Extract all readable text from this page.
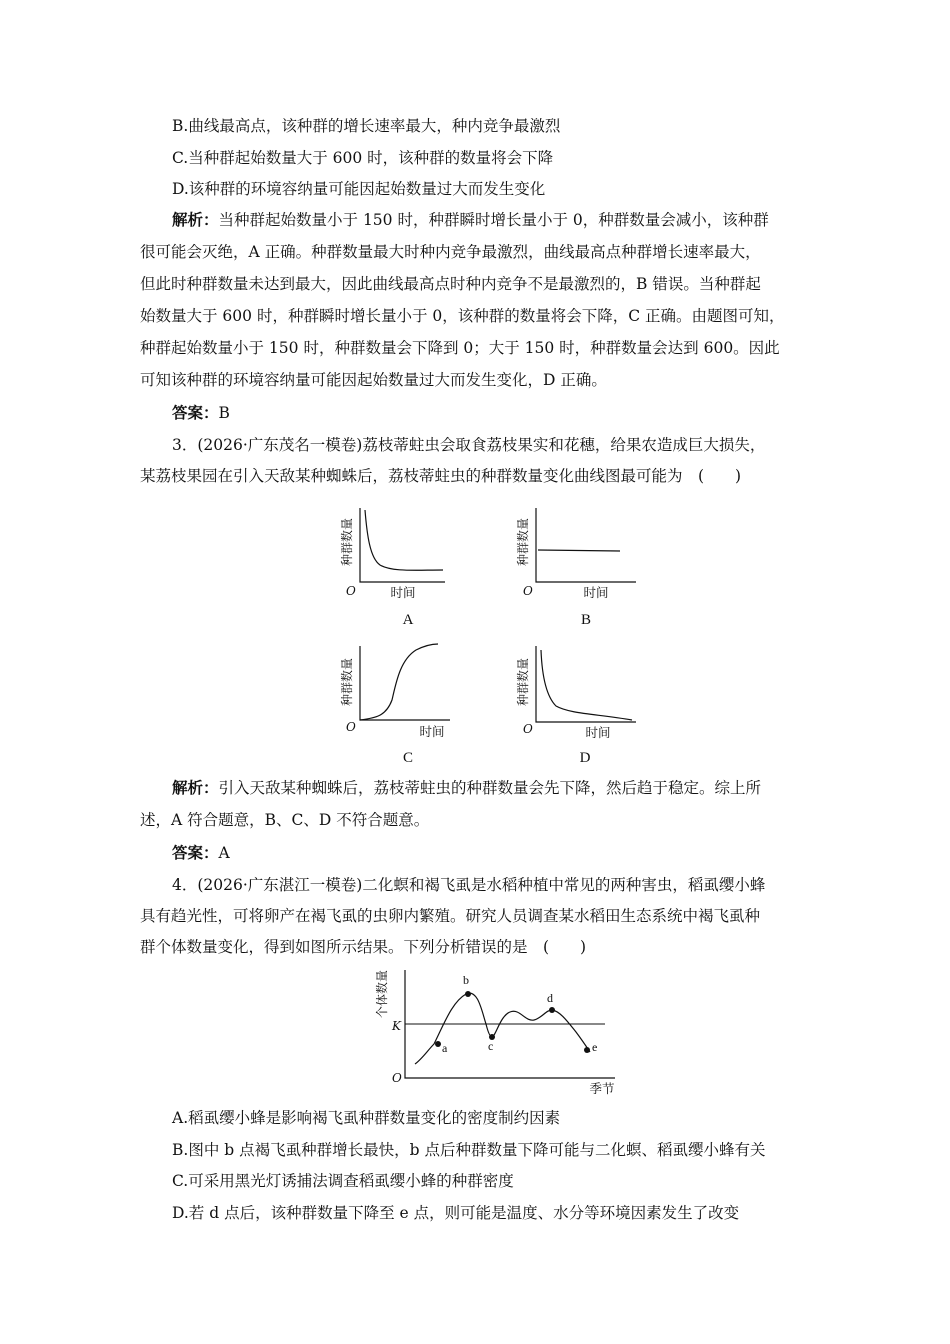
B.曲线最高点，该种群的增长速率最大，种内竞争最激烈
C.当种群起始数量大于 600 时，该种群的数量将会下降
D.该种群的环境容纳量可能因起始数量过大而发生变化
解析：当种群起始数量小于 150 时，种群瞬时增长量小于 0，种群数量会减小，该种群
很可能会灭绝，A 正确。种群数量最大时种内竞争最激烈，曲线最高点种群增长速率最大，
但此时种群数量未达到最大，因此曲线最高点时种内竞争不是最激烈的，B 错误。当种群起
始数量大于 600 时，种群瞬时增长量小于 0，该种群的数量将会下降，C 正确。由题图可知，
种群起始数量小于 150 时，种群数量会下降到 0；大于 150 时，种群数量会达到 600。因此
可知该种群的环境容纳量可能因起始数量过大而发生变化，D 正确。
答案：B
3．(2026·广东茂名一模卷)荔枝蒂蛀虫会取食荔枝果实和花穗，给果农造成巨大损失，
某荔枝果园在引入天敌某种蜘蛛后，荔枝蒂蛀虫的种群数量变化曲线图最可能为　(　　)
种群数量
O	时间
A
种群数量
O	时间
B
种群数量
O	时间
C
种群数量
O	时间
D
解析：引入天敌某种蜘蛛后，荔枝蒂蛀虫的种群数量会先下降，然后趋于稳定。综上所
述，A 符合题意，B、C、D 不符合题意。
答案：A
4．(2026·广东湛江一模卷)二化螟和褐飞虱是水稻种植中常见的两种害虫，稻虱缨小蜂
具有趋光性，可将卵产在褐飞虱的虫卵内繁殖。研究人员调查某水稻田生态系统中褐飞虱种
群个体数量变化，得到如图所示结果。下列分析错误的是　(　　)
个体数量
O
K
a
b
c
d
e
季节
A.稻虱缨小蜂是影响褐飞虱种群数量变化的密度制约因素
B.图中 b 点褐飞虱种群增长最快，b 点后种群数量下降可能与二化螟、稻虱缨小蜂有关
C.可采用黑光灯诱捕法调查稻虱缨小蜂的种群密度
D.若 d 点后，该种群数量下降至 e 点，则可能是温度、水分等环境因素发生了改变
